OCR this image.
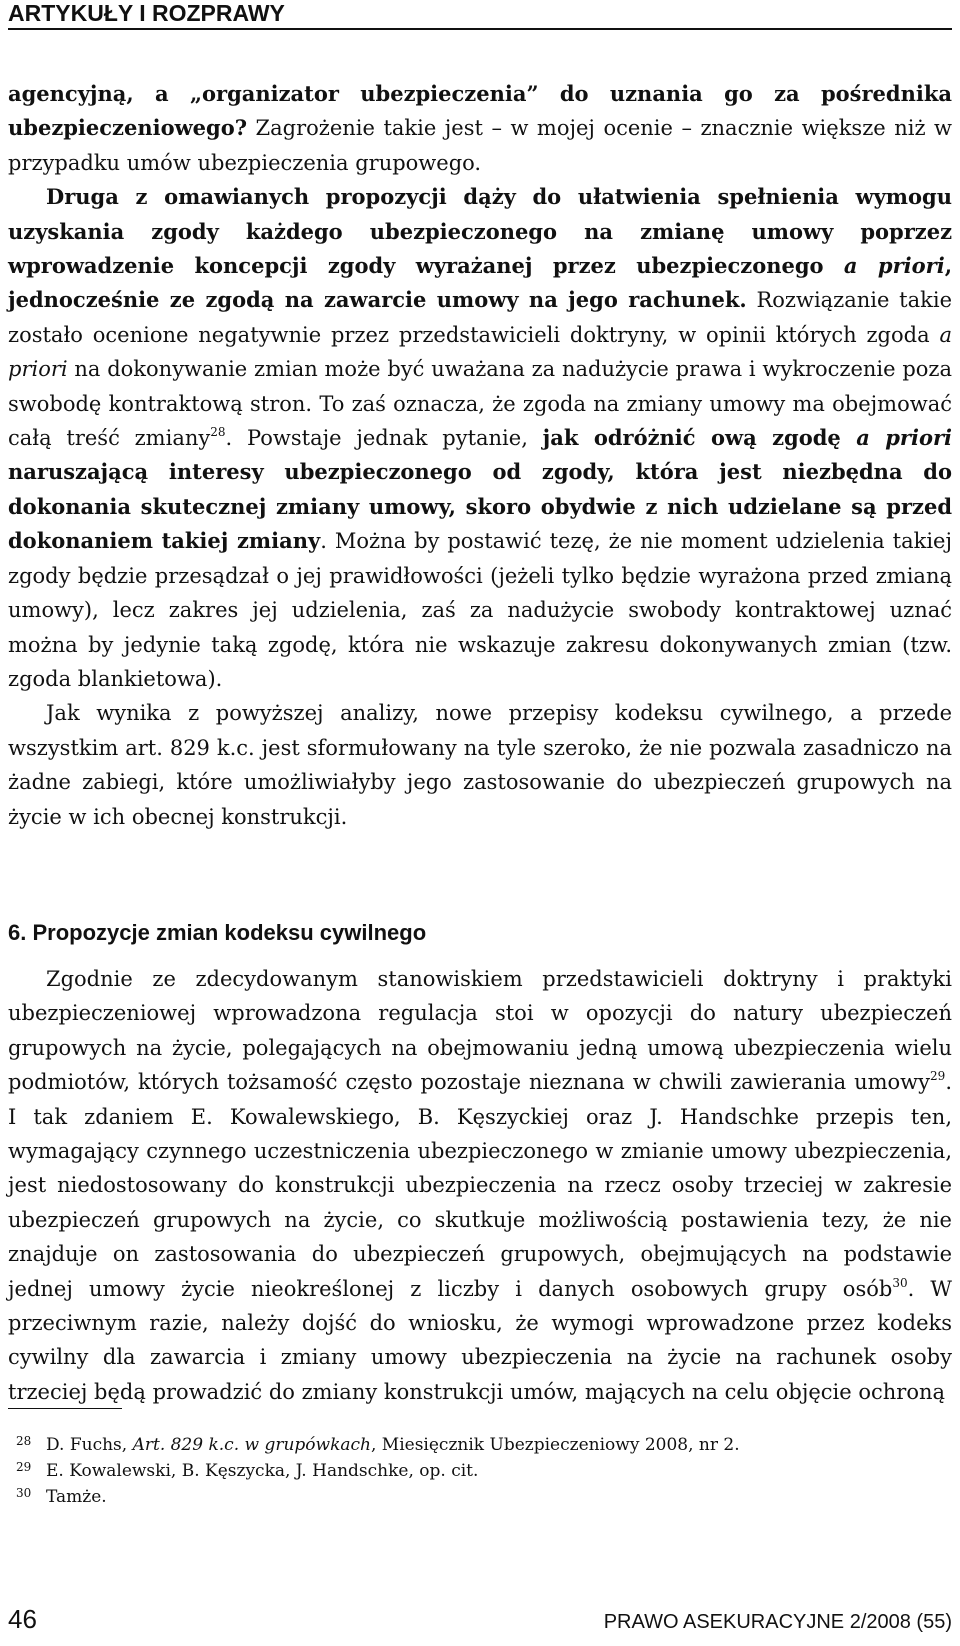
ARTYKUŁY I ROZPRAWY

agencyjną, a „organizator ubezpieczenia” do uznania go za pośrednika ubezpieczeniowego? Zagrożenie takie jest – w mojej ocenie – znacznie większe niż w przypadku umów ubezpieczenia grupowego.

Druga z omawianych propozycji dąży do ułatwienia spełnienia wymogu uzyskania zgody każdego ubezpieczonego na zmianę umowy poprzez wprowadzenie koncepcji zgody wyrażanej przez ubezpieczonego a priori, jednocześnie ze zgodą na zawarcie umowy na jego rachunek. Rozwiązanie takie zostało ocenione negatywnie przez przedstawicieli doktryny, w opinii których zgoda a priori na dokonywanie zmian może być uważana za nadużycie prawa i wykroczenie poza swobodę kontraktową stron. To zaś oznacza, że zgoda na zmiany umowy ma obejmować całą treść zmiany$^{28}$. Powstaje jednak pytanie, jak odróżnić ową zgodę a priori naruszającą interesy ubezpieczonego od zgody, która jest niezbędna do dokonania skutecznej zmiany umowy, skoro obydwie z nich udzielane są przed dokonaniem takiej zmiany. Można by postawić tezę, że nie moment udzielenia takiej zgody będzie przesądzał o jej prawidłowości (jeżeli tylko będzie wyrażona przed zmianą umowy), lecz zakres jej udzielenia, zaś za nadużycie swobody kontraktowej uznać można by jedynie taką zgodę, która nie wskazuje zakresu dokonywanych zmian (tzw. zgoda blankietowa).

Jak wynika z powyższej analizy, nowe przepisy kodeksu cywilnego, a przede wszystkim art. 829 k.c. jest sformułowany na tyle szeroko, że nie pozwala zasadniczo na żadne zabiegi, które umożliwiałyby jego zastosowanie do ubezpieczeń grupowych na życie w ich obecnej konstrukcji.

6. Propozycje zmian kodeksu cywilnego

Zgodnie ze zdecydowanym stanowiskiem przedstawicieli doktryny i praktyki ubezpieczeniowej wprowadzona regulacja stoi w opozycji do natury ubezpieczeń grupowych na życie, polegających na obejmowaniu jedną umową ubezpieczenia wielu podmiotów, których tożsamość często pozostaje nieznana w chwili zawierania umowy$^{29}$. I tak zdaniem E. Kowalewskiego, B. Kęszyckiej oraz J. Handschke przepis ten, wymagający czynnego uczestniczenia ubezpieczonego w zmianie umowy ubezpieczenia, jest niedostosowany do konstrukcji ubezpieczenia na rzecz osoby trzeciej w zakresie ubezpieczeń grupowych na życie, co skutkuje możliwością postawienia tezy, że nie znajduje on zastosowania do ubezpieczeń grupowych, obejmujących na podstawie jednej umowy życie nieokreślonej z liczby i danych osobowych grupy osób$^{30}$. W przeciwnym razie, należy dojść do wniosku, że wymogi wprowadzone przez kodeks cywilny dla zawarcia i zmiany umowy ubezpieczenia na życie na rachunek osoby trzeciej będą prowadzić do zmiany konstrukcji umów, mających na celu objęcie ochroną

28 D. Fuchs, Art. 829 k.c. w grupówkach, Miesięcznik Ubezpieczeniowy 2008, nr 2.
29 E. Kowalewski, B. Kęszycka, J. Handschke, op. cit.
30 Tamże.
46	PRAWO ASEKURACYJNE 2/2008 (55)
